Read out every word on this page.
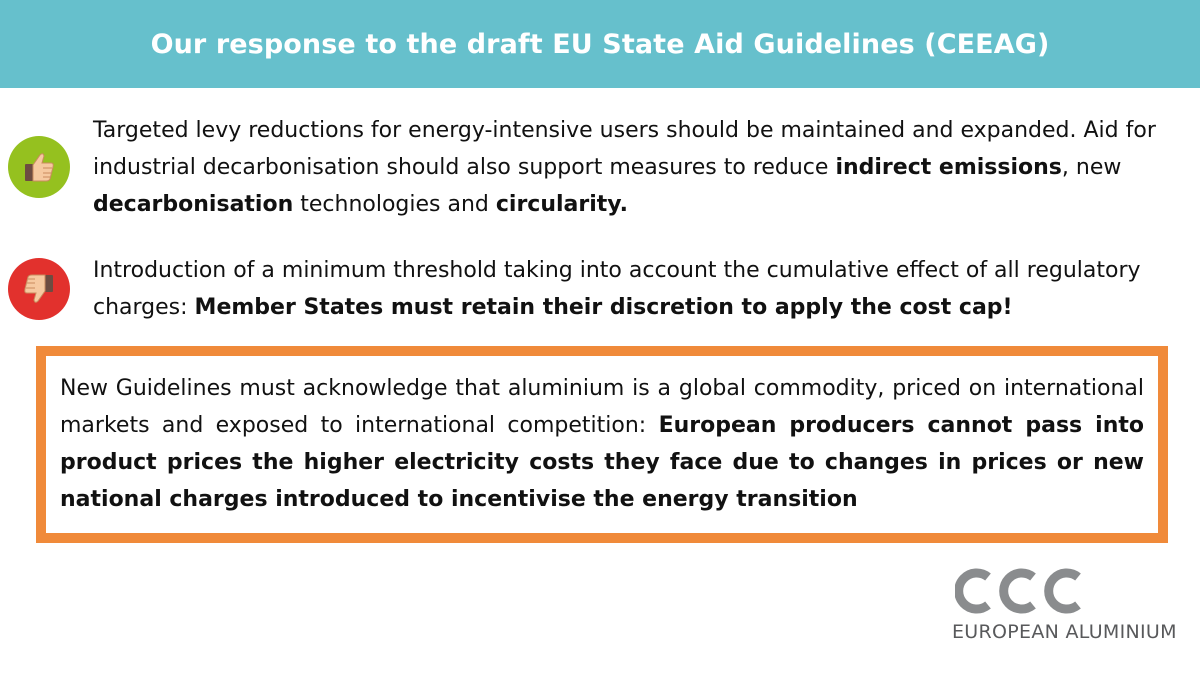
Our response to the draft EU State Aid Guidelines (CEEAG)
Targeted levy reductions for energy-intensive users should be maintained and expanded. Aid for industrial decarbonisation should also support measures to reduce indirect emissions, new decarbonisation technologies and circularity.
Introduction of a minimum threshold taking into account the cumulative effect of all regulatory charges: Member States must retain their discretion to apply the cost cap!

New Guidelines must acknowledge that aluminium is a global commodity, priced on international markets and exposed to international competition: European producers cannot pass into product prices the higher electricity costs they face due to changes in prices or new national charges introduced to incentivise the energy transition

EUROPEAN ALUMINIUM
